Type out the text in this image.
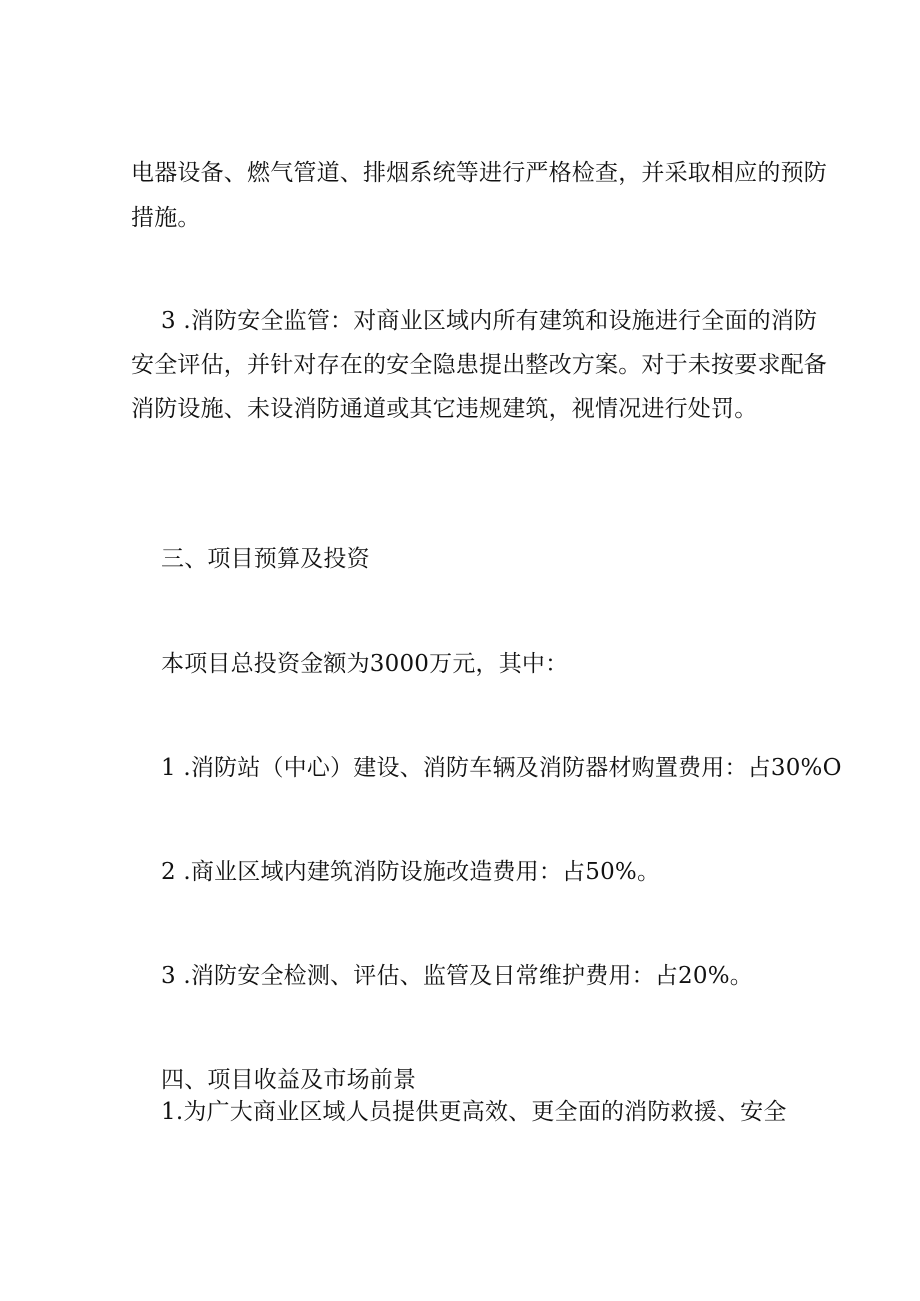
电器设备、燃气管道、排烟系统等进行严格检查，并采取相应的预防

措施。

3 .消防安全监管：对商业区域内所有建筑和设施进行全面的消防

安全评估，并针对存在的安全隐患提出整改方案。对于未按要求配备

消防设施、未设消防通道或其它违规建筑，视情况进行处罚。

三、项目预算及投资

本项目总投资金额为3000万元，其中：

1 .消防站（中心）建设、消防车辆及消防器材购置费用：占30%O

2 .商业区域内建筑消防设施改造费用：占50%。

3 .消防安全检测、评估、监管及日常维护费用：占20%。

四、项目收益及市场前景

1.为广大商业区域人员提供更高效、更全面的消防救援、安全
